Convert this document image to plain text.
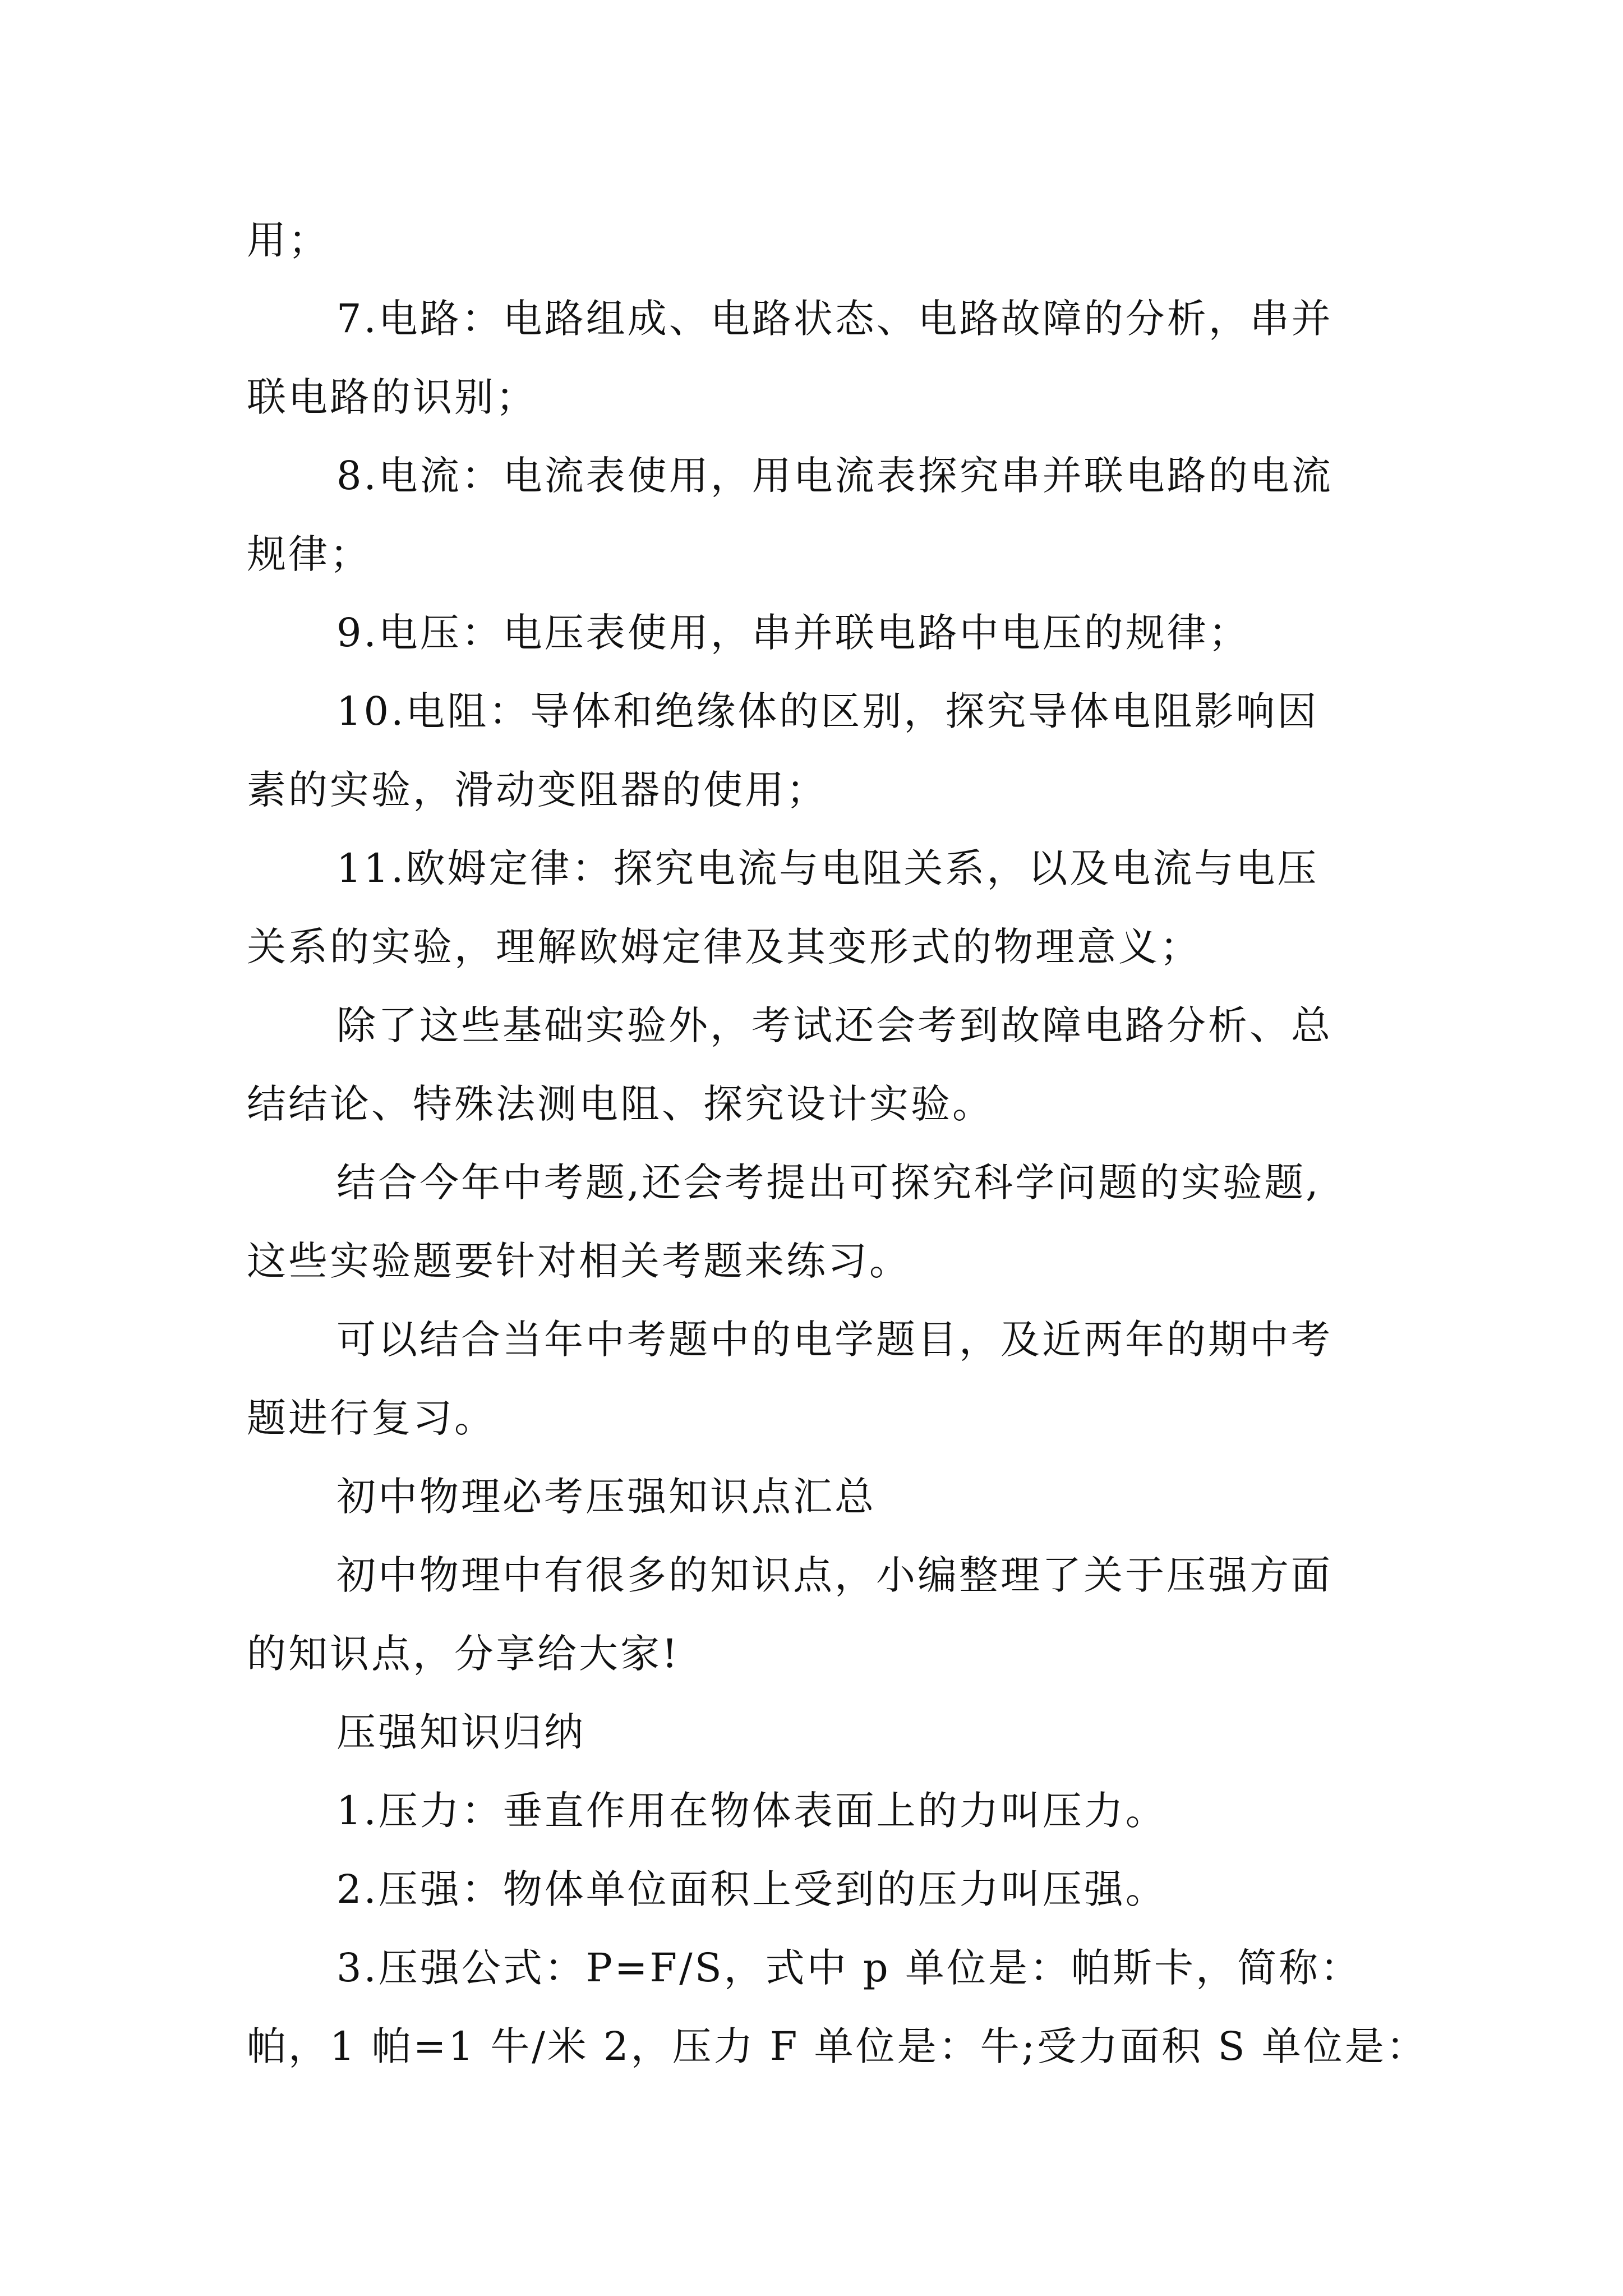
用；
7.电路：电路组成、电路状态、电路故障的分析，串并
联电路的识别；
8.电流：电流表使用，用电流表探究串并联电路的电流
规律；
9.电压：电压表使用，串并联电路中电压的规律；
10.电阻：导体和绝缘体的区别，探究导体电阻影响因
素的实验，滑动变阻器的使用；
11.欧姆定律：探究电流与电阻关系，以及电流与电压
关系的实验，理解欧姆定律及其变形式的物理意义；
除了这些基础实验外，考试还会考到故障电路分析、总
结结论、特殊法测电阻、探究设计实验。
结合今年中考题,还会考提出可探究科学问题的实验题,
这些实验题要针对相关考题来练习。
可以结合当年中考题中的电学题目，及近两年的期中考
题进行复习。
初中物理必考压强知识点汇总
初中物理中有很多的知识点，小编整理了关于压强方面
的知识点，分享给大家!
压强知识归纳
1.压力：垂直作用在物体表面上的力叫压力。
2.压强：物体单位面积上受到的压力叫压强。
3.压强公式：P=F/S，式中 p 单位是：帕斯卡，简称：
帕，1 帕=1 牛/米 2，压力 F 单位是：牛;受力面积 S 单位是：
